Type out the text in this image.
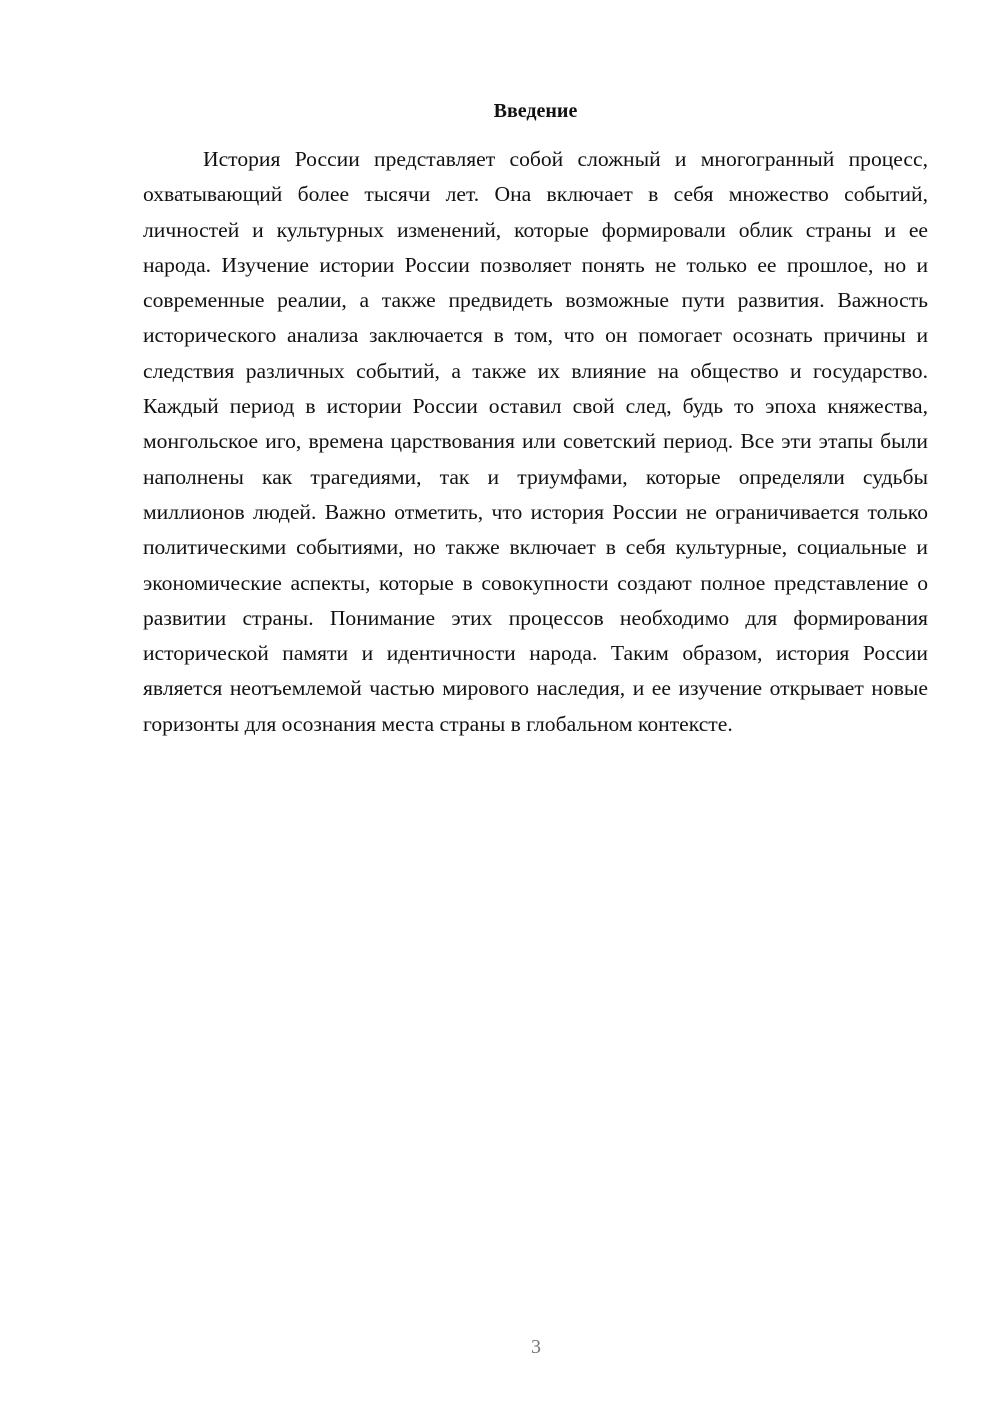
Введение

История России представляет собой сложный и многогранный процесс, охватывающий более тысячи лет. Она включает в себя множество событий, личностей и культурных изменений, которые формировали облик страны и ее народа. Изучение истории России позволяет понять не только ее прошлое, но и современные реалии, а также предвидеть возможные пути развития. Важность исторического анализа заключается в том, что он помогает осознать причины и следствия различных событий, а также их влияние на общество и государство. Каждый период в истории России оставил свой след, будь то эпоха княжества, монгольское иго, времена царствования или советский период. Все эти этапы были наполнены как трагедиями, так и триумфами, которые определяли судьбы миллионов людей. Важно отметить, что история России не ограничивается только политическими событиями, но также включает в себя культурные, социальные и экономические аспекты, которые в совокупности создают полное представление о развитии страны. Понимание этих процессов необходимо для формирования исторической памяти и идентичности народа. Таким образом, история России является неотъемлемой частью мирового наследия, и ее изучение открывает новые горизонты для осознания места страны в глобальном контексте.

3
